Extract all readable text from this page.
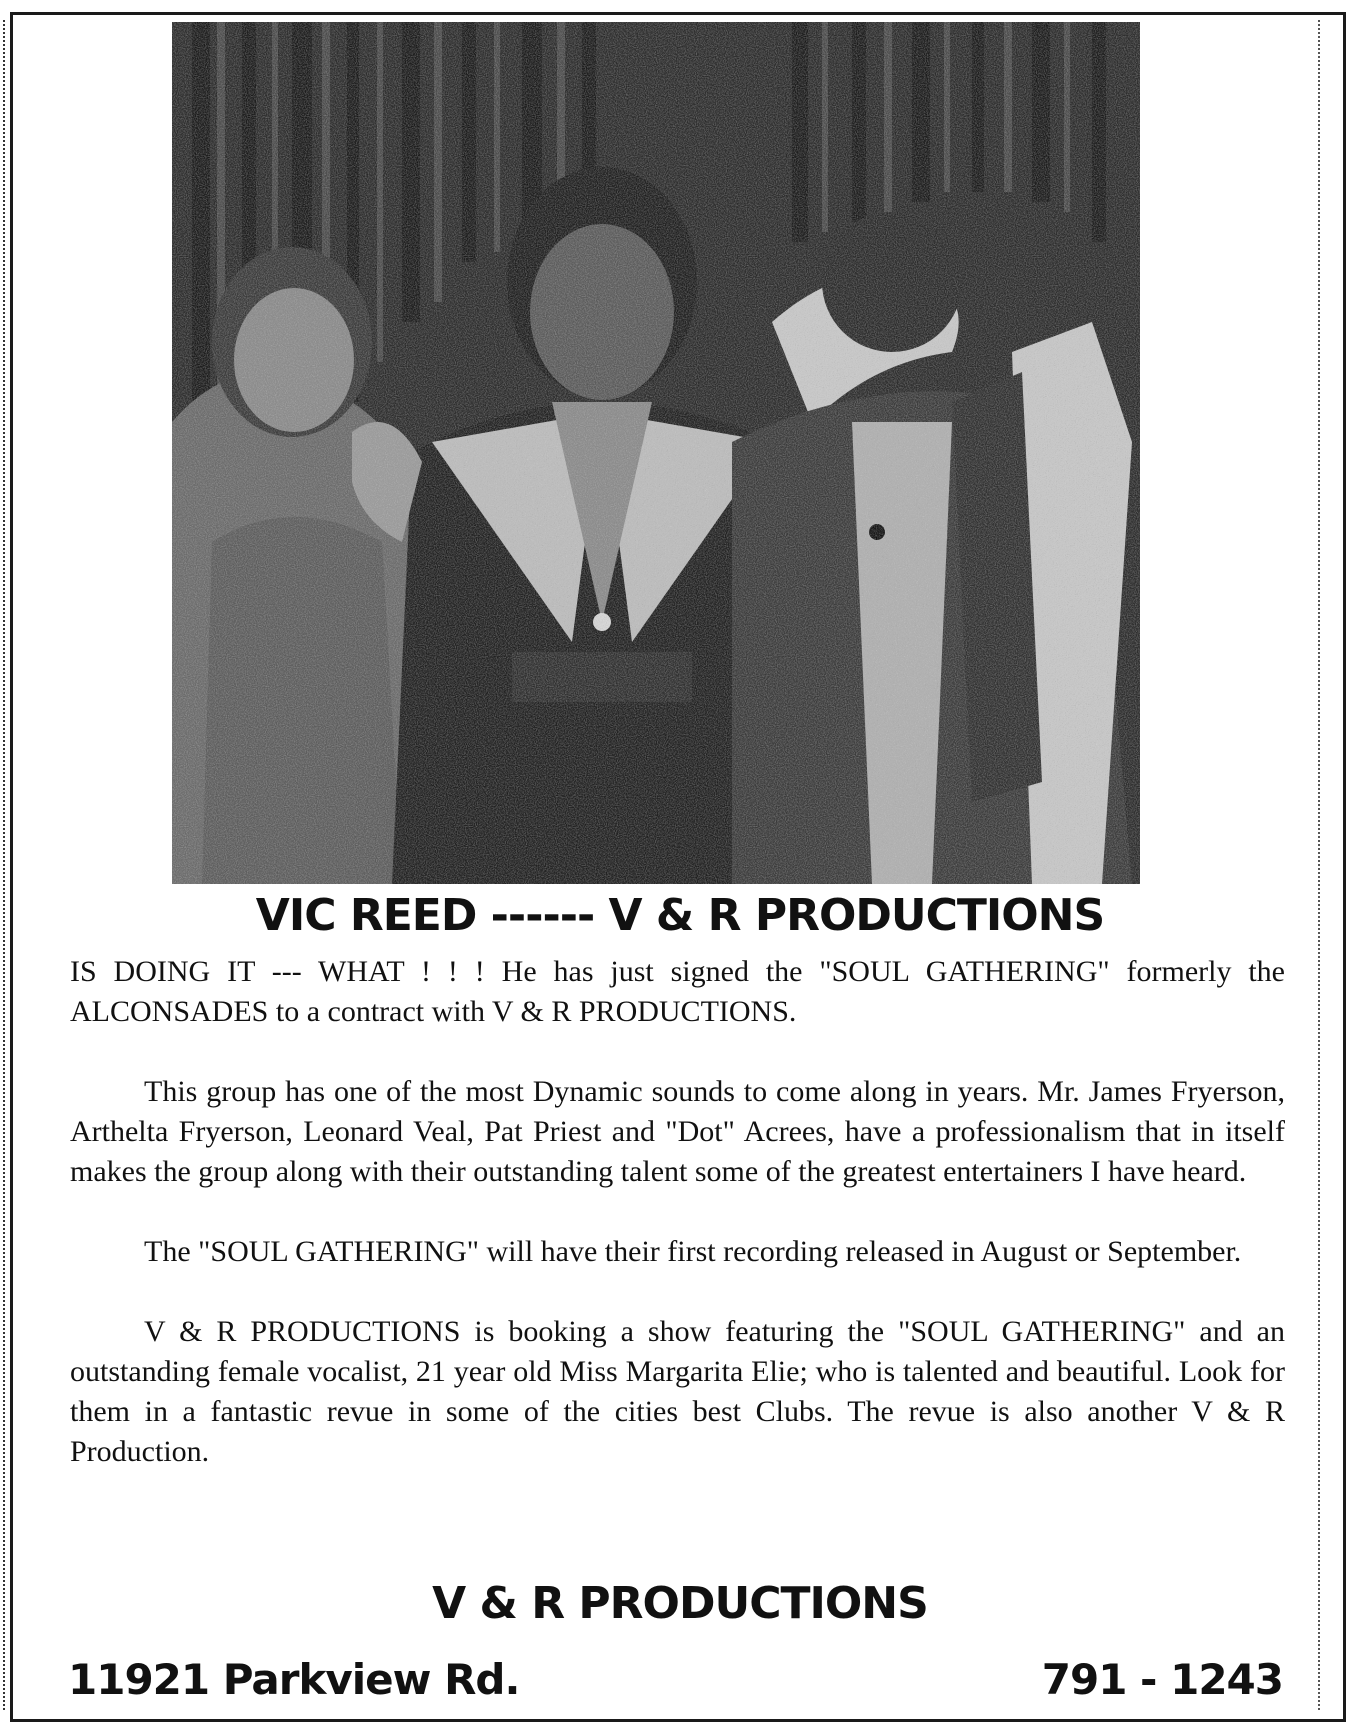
VIC REED ------ V & R PRODUCTIONS

IS DOING IT --- WHAT ! ! ! He has just signed the "SOUL GATHERING" formerly the ALCONSADES to a contract with V & R PRODUCTIONS.

This group has one of the most Dynamic sounds to come along in years. Mr. James Fryerson, Arthelta Fryerson, Leonard Veal, Pat Priest and "Dot" Acrees, have a professionalism that in itself makes the group along with their outstanding talent some of the greatest entertainers I have heard.

The "SOUL GATHERING" will have their first recording released in August or September.

V & R PRODUCTIONS is booking a show featuring the "SOUL GATHERING" and an outstanding female vocalist, 21 year old Miss Margarita Elie; who is talented and beautiful. Look for them in a fantastic revue in some of the cities best Clubs. The revue is also another V & R Production.

V & R PRODUCTIONS
11921 Parkview Rd.	791 - 1243
